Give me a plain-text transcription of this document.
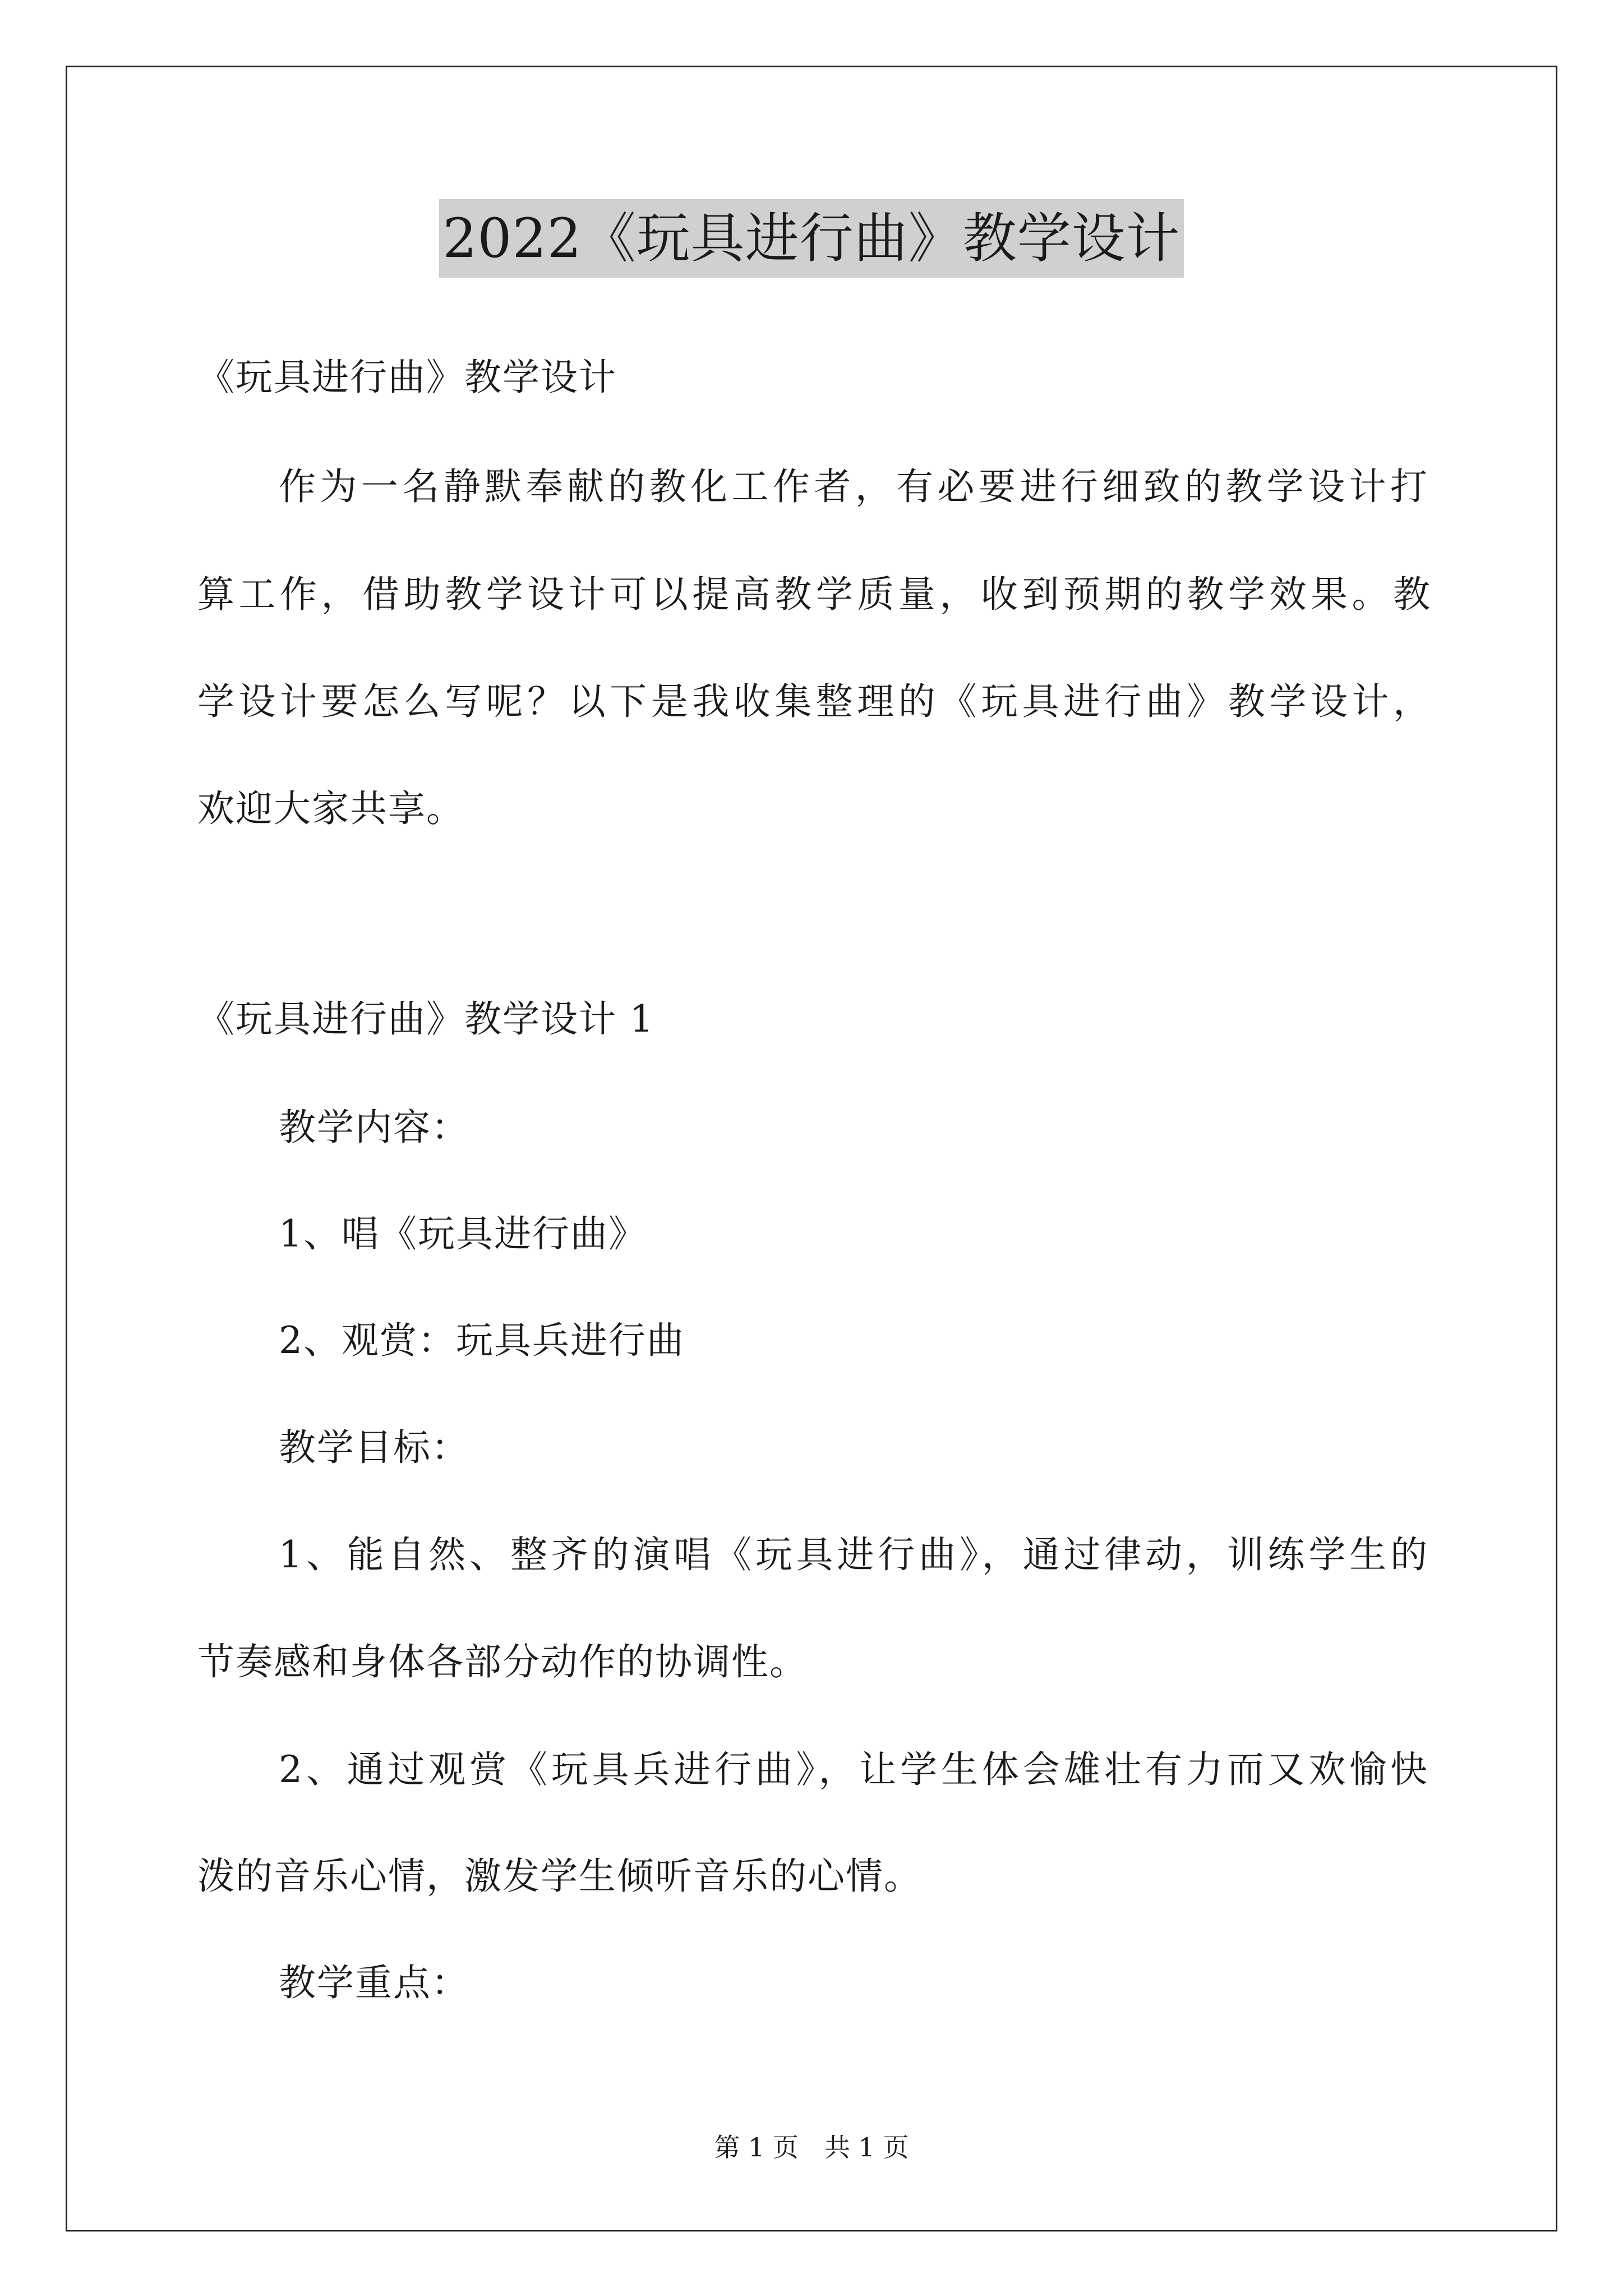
2022《玩具进行曲》教学设计
《玩具进行曲》教学设计
作为一名静默奉献的教化工作者，有必要进行细致的教学设计打
算工作，借助教学设计可以提高教学质量，收到预期的教学效果。教
学设计要怎么写呢？以下是我收集整理的《玩具进行曲》教学设计，
欢迎大家共享。
《玩具进行曲》教学设计 1
教学内容：
1、唱《玩具进行曲》
2、观赏：玩具兵进行曲
教学目标：
1、能自然、整齐的演唱《玩具进行曲》，通过律动，训练学生的
节奏感和身体各部分动作的协调性。
2、通过观赏《玩具兵进行曲》，让学生体会雄壮有力而又欢愉快
泼的音乐心情，激发学生倾听音乐的心情。
教学重点：
第 1 页　共 1 页
